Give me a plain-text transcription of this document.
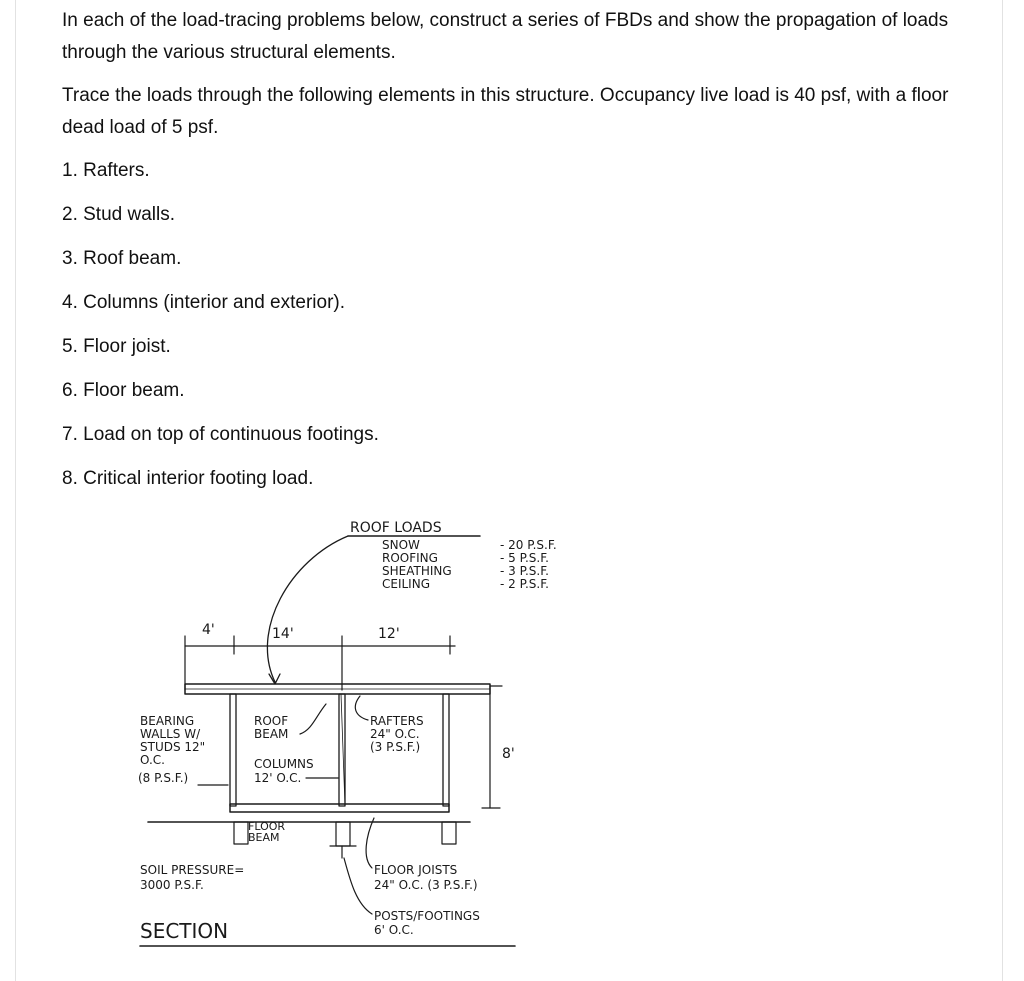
In each of the load-tracing problems below, construct a series of FBDs and show the propagation of loads through the various structural elements.

Trace the loads through the following elements in this structure. Occupancy live load is 40 psf, with a floor dead load of 5 psf.

1. Rafters.

2. Stud walls.

3. Roof beam.

4. Columns (interior and exterior).

5. Floor joist.

6. Floor beam.

7. Load on top of continuous footings.

8. Critical interior footing load.

ROOF LOADS
SNOW	- 20 P.S.F.
ROOFING	- 5 P.S.F.
SHEATHING	- 3 P.S.F.
CEILING	- 2 P.S.F.
4'	14'	12'
8'
BEARING
WALLS W/
STUDS 12"
O.C.
(8 P.S.F.)
ROOF
BEAM
COLUMNS
12' O.C.
RAFTERS
24" O.C.
(3 P.S.F.)
FLOOR
BEAM
SOIL PRESSURE=
3000 P.S.F.
FLOOR JOISTS
24" O.C. (3 P.S.F.)
POSTS/FOOTINGS
6' O.C.
SECTION
